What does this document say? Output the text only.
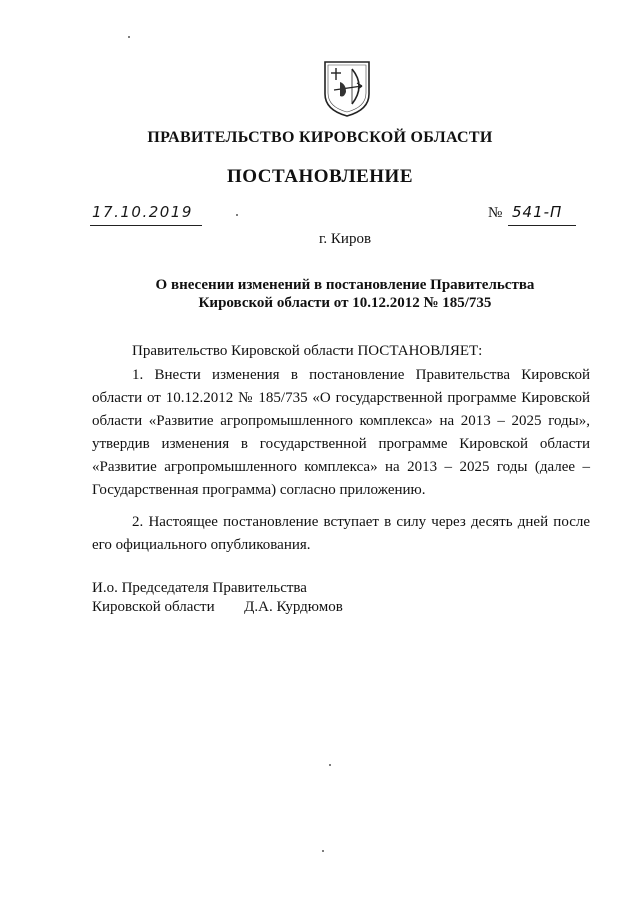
ПРАВИТЕЛЬСТВО КИРОВСКОЙ ОБЛАСТИ
ПОСТАНОВЛЕНИЕ
17.10.2019	№ 541-П
г. Киров
О внесении изменений в постановление Правительства
Кировской области от 10.12.2012 № 185/735
Правительство Кировской области ПОСТАНОВЛЯЕТ:
1. Внести изменения в постановление Правительства Кировской области от 10.12.2012 № 185/735 «О государственной программе Кировской области «Развитие агропромышленного комплекса» на 2013 – 2025 годы», утвердив изменения в государственной программе Кировской области «Развитие агропромышленного комплекса» на 2013 – 2025 годы (далее – Государственная программа) согласно приложению.
2. Настоящее постановление вступает в силу через десять дней после его официального опубликования.
И.о. Председателя Правительства
Кировской области Д.А. Курдюмов
